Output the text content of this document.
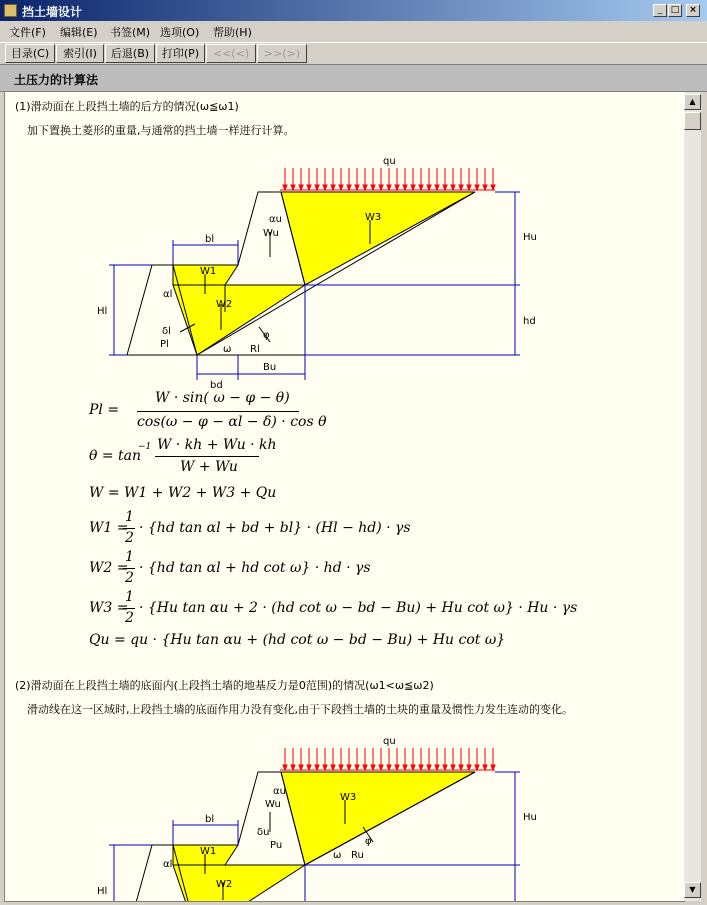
挡土墙设计	_ □	×
文件(F) 编辑(E) 书签(M) 选项(O) 帮助(H)
目录(C)	索引(I)	后退(B)	打印(P)	<<(<)	>>(>)
土压力的计算法
(1)滑动面在上段挡土墙的后方的情况(ω≦ω1)
加下置换土菱形的重量,与通常的挡土墙一样进行计算。
qu
Hu
hd
Hl
bl
bd
Bu
αu
Wu
W3
W1
W2
αl
δl
Pl	ω Rl
φ
Pl =
W · sin( ω − φ − θ)
cos(ω − φ − αl − δ) · cos θ
θ = tan
−1 W · kh + Wu · kh
W + Wu
W = W1 + W2 + W3 + Qu
W1 =
1
2
· {hd tan αl + bd + bl} · (Hl − hd) · γs
W2 =
1
2
· {hd tan αl + hd cot ω} · hd · γs
W3 =
1
2
· {Hu tan αu + 2 · (hd cot ω − bd − Bu) + Hu cot ω} · Hu · γs
Qu = qu · {Hu tan αu + (hd cot ω − bd − Bu) + Hu cot ω}
(2)滑动面在上段挡土墙的底面内(上段挡土墙的地基反力是0范围)的情况(ω1<ω≦ω2)
滑动线在这一区域时,上段挡土墙的底面作用力没有变化,由于下段挡土墙的土块的重量及惯性力发生连动的变化。
qu
Hu
Hl
bl
αu
Wu
δu
Pu
W3
W1
W2
αl
ω Ru
φ
▲
▼
